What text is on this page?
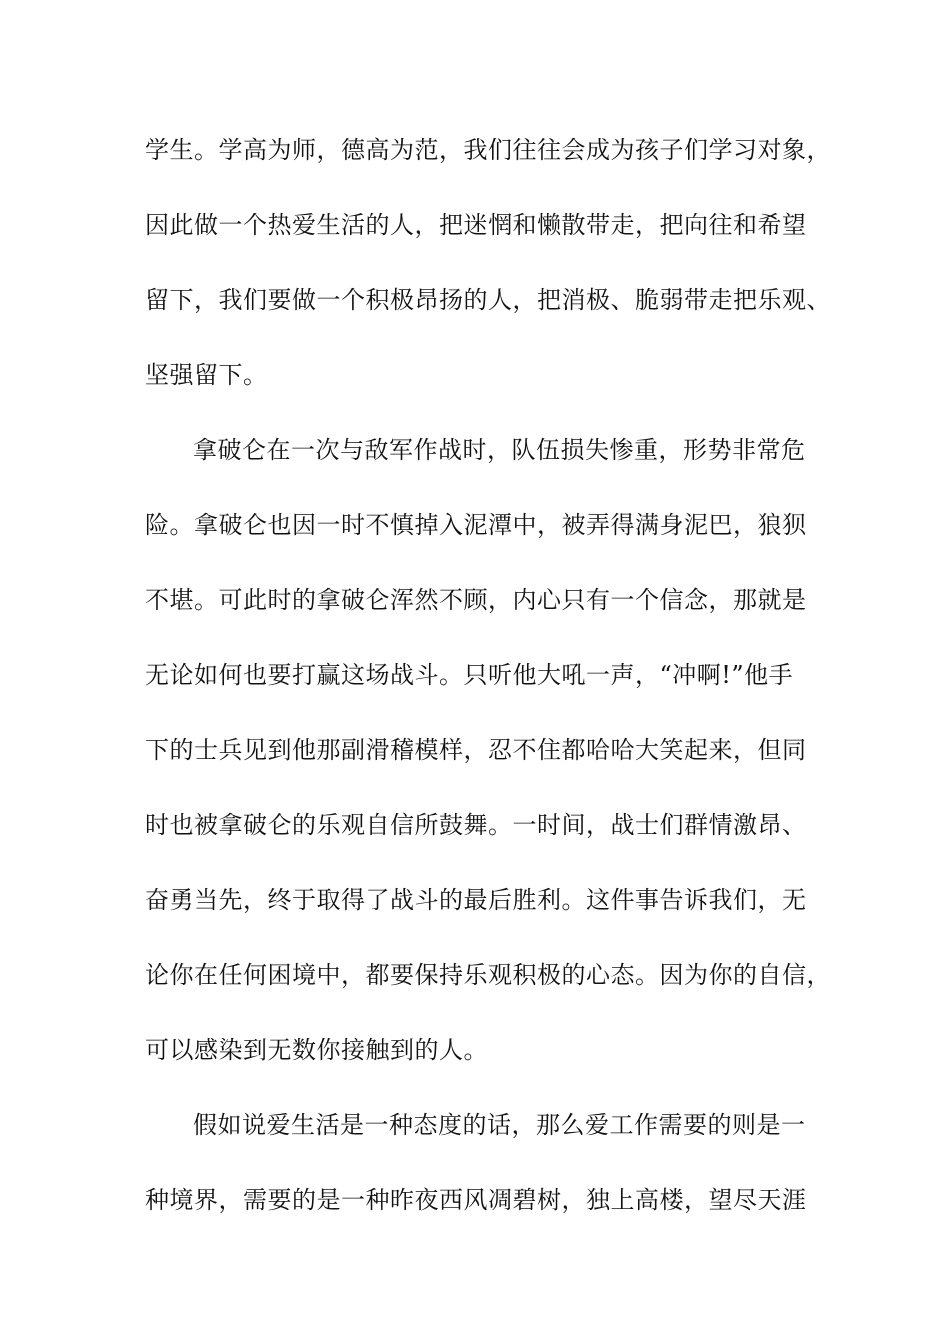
学生。学高为师，德高为范，我们往往会成为孩子们学习对象，
因此做一个热爱生活的人，把迷惘和懒散带走，把向往和希望
留下，我们要做一个积极昂扬的人，把消极、脆弱带走把乐观、
坚强留下。
拿破仑在一次与敌军作战时，队伍损失惨重，形势非常危
险。拿破仑也因一时不慎掉入泥潭中，被弄得满身泥巴，狼狈
不堪。可此时的拿破仑浑然不顾，内心只有一个信念，那就是
无论如何也要打赢这场战斗。只听他大吼一声，“冲啊!”他手
下的士兵见到他那副滑稽模样，忍不住都哈哈大笑起来，但同
时也被拿破仑的乐观自信所鼓舞。一时间，战士们群情激昂、
奋勇当先，终于取得了战斗的最后胜利。这件事告诉我们，无
论你在任何困境中，都要保持乐观积极的心态。因为你的自信，
可以感染到无数你接触到的人。
假如说爱生活是一种态度的话，那么爱工作需要的则是一
种境界，需要的是一种昨夜西风凋碧树，独上高楼，望尽天涯
